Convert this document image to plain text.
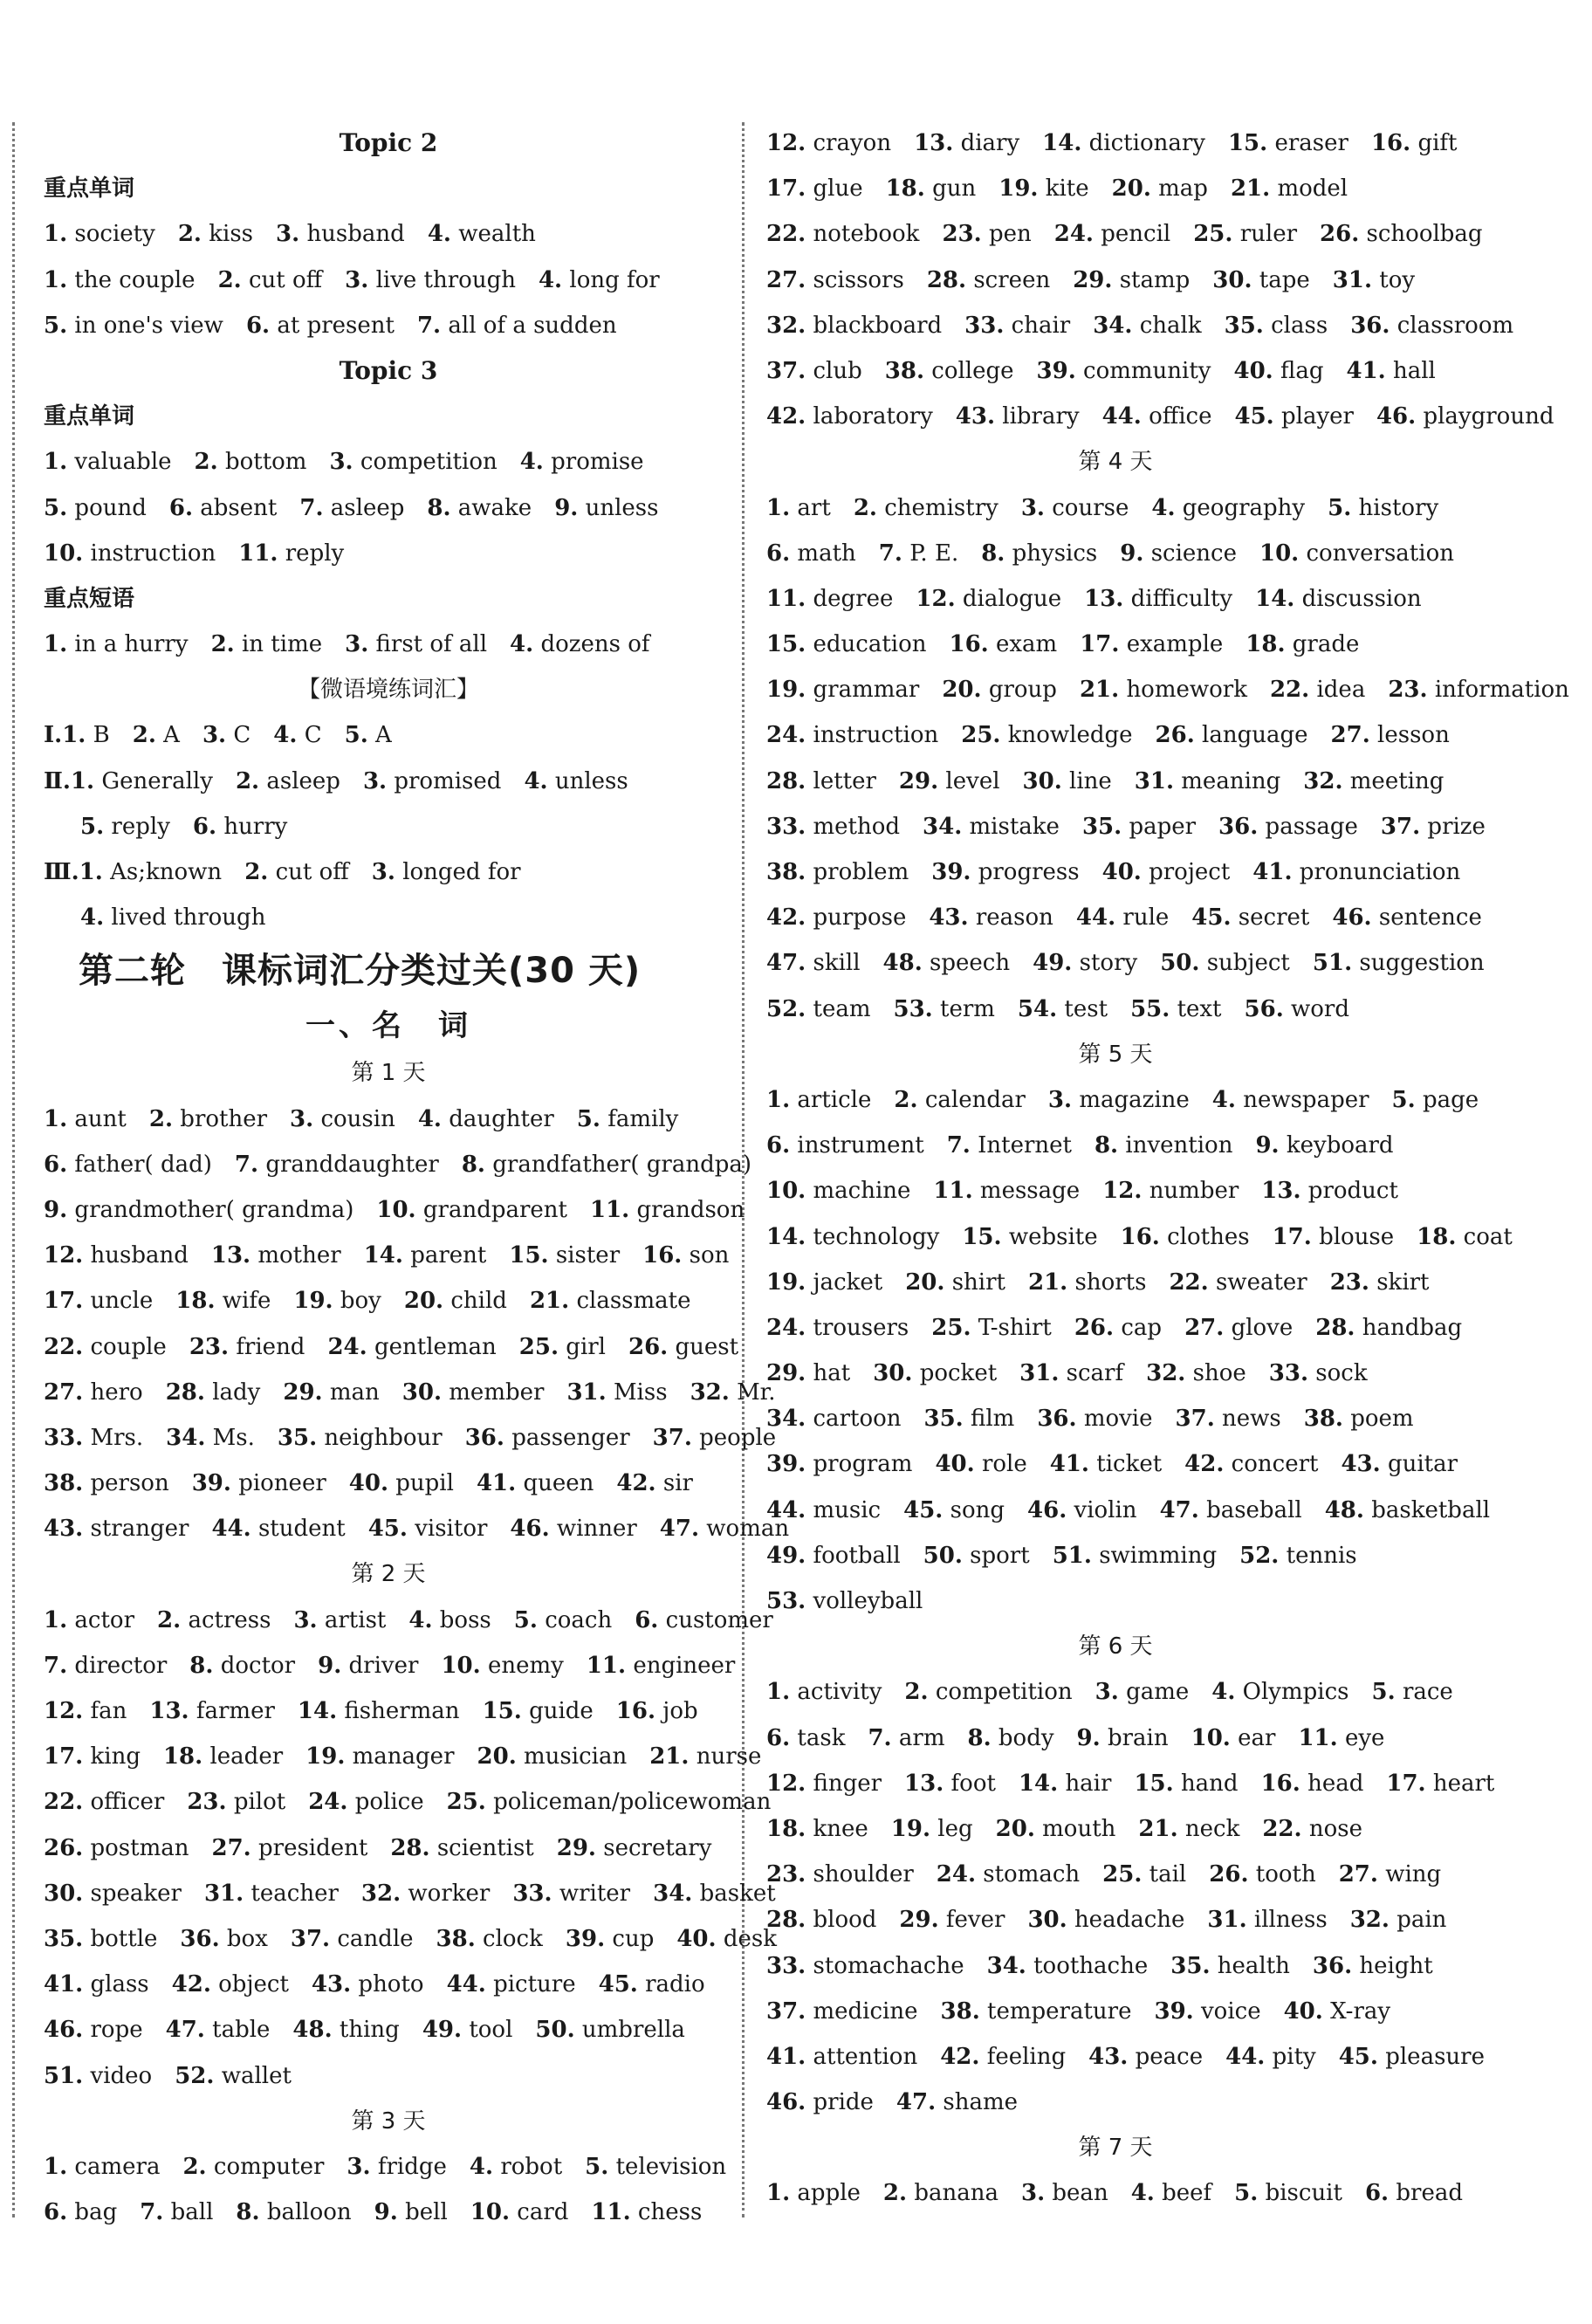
Topic 2
重点单词
1. society 2. kiss 3. husband 4. wealth
1. the couple 2. cut off 3. live through 4. long for
5. in one's view 6. at present 7. all of a sudden
Topic 3
重点单词
1. valuable 2. bottom 3. competition 4. promise
5. pound 6. absent 7. asleep 8. awake 9. unless
10. instruction 11. reply
重点短语
1. in a hurry 2. in time 3. first of all 4. dozens of
【微语境练词汇】
Ⅰ.1. B 2. A 3. C 4. C 5. A
Ⅱ.1. Generally 2. asleep 3. promised 4. unless
5. reply 6. hurry
Ⅲ.1. As;known 2. cut off 3. longed for
4. lived through
第二轮　课标词汇分类过关(30 天)
一、名　词
第 1 天
1. aunt 2. brother 3. cousin 4. daughter 5. family
6. father( dad) 7. granddaughter 8. grandfather( grandpa)
9. grandmother( grandma) 10. grandparent 11. grandson
12. husband 13. mother 14. parent 15. sister 16. son
17. uncle 18. wife 19. boy 20. child 21. classmate
22. couple 23. friend 24. gentleman 25. girl 26. guest
27. hero 28. lady 29. man 30. member 31. Miss 32. Mr.
33. Mrs. 34. Ms. 35. neighbour 36. passenger 37. people
38. person 39. pioneer 40. pupil 41. queen 42. sir
43. stranger 44. student 45. visitor 46. winner 47. woman
第 2 天
1. actor 2. actress 3. artist 4. boss 5. coach 6. customer
7. director 8. doctor 9. driver 10. enemy 11. engineer
12. fan 13. farmer 14. fisherman 15. guide 16. job
17. king 18. leader 19. manager 20. musician 21. nurse
22. officer 23. pilot 24. police 25. policeman/policewoman
26. postman 27. president 28. scientist 29. secretary
30. speaker 31. teacher 32. worker 33. writer 34. basket
35. bottle 36. box 37. candle 38. clock 39. cup 40. desk
41. glass 42. object 43. photo 44. picture 45. radio
46. rope 47. table 48. thing 49. tool 50. umbrella
51. video 52. wallet
第 3 天
1. camera 2. computer 3. fridge 4. robot 5. television
6. bag 7. ball 8. balloon 9. bell 10. card 11. chess
12. crayon 13. diary 14. dictionary 15. eraser 16. gift
17. glue 18. gun 19. kite 20. map 21. model
22. notebook 23. pen 24. pencil 25. ruler 26. schoolbag
27. scissors 28. screen 29. stamp 30. tape 31. toy
32. blackboard 33. chair 34. chalk 35. class 36. classroom
37. club 38. college 39. community 40. flag 41. hall
42. laboratory 43. library 44. office 45. player 46. playground
第 4 天
1. art 2. chemistry 3. course 4. geography 5. history
6. math 7. P. E. 8. physics 9. science 10. conversation
11. degree 12. dialogue 13. difficulty 14. discussion
15. education 16. exam 17. example 18. grade
19. grammar 20. group 21. homework 22. idea 23. information
24. instruction 25. knowledge 26. language 27. lesson
28. letter 29. level 30. line 31. meaning 32. meeting
33. method 34. mistake 35. paper 36. passage 37. prize
38. problem 39. progress 40. project 41. pronunciation
42. purpose 43. reason 44. rule 45. secret 46. sentence
47. skill 48. speech 49. story 50. subject 51. suggestion
52. team 53. term 54. test 55. text 56. word
第 5 天
1. article 2. calendar 3. magazine 4. newspaper 5. page
6. instrument 7. Internet 8. invention 9. keyboard
10. machine 11. message 12. number 13. product
14. technology 15. website 16. clothes 17. blouse 18. coat
19. jacket 20. shirt 21. shorts 22. sweater 23. skirt
24. trousers 25. T-shirt 26. cap 27. glove 28. handbag
29. hat 30. pocket 31. scarf 32. shoe 33. sock
34. cartoon 35. film 36. movie 37. news 38. poem
39. program 40. role 41. ticket 42. concert 43. guitar
44. music 45. song 46. violin 47. baseball 48. basketball
49. football 50. sport 51. swimming 52. tennis
53. volleyball
第 6 天
1. activity 2. competition 3. game 4. Olympics 5. race
6. task 7. arm 8. body 9. brain 10. ear 11. eye
12. finger 13. foot 14. hair 15. hand 16. head 17. heart
18. knee 19. leg 20. mouth 21. neck 22. nose
23. shoulder 24. stomach 25. tail 26. tooth 27. wing
28. blood 29. fever 30. headache 31. illness 32. pain
33. stomachache 34. toothache 35. health 36. height
37. medicine 38. temperature 39. voice 40. X-ray
41. attention 42. feeling 43. peace 44. pity 45. pleasure
46. pride 47. shame
第 7 天
1. apple 2. banana 3. bean 4. beef 5. biscuit 6. bread
